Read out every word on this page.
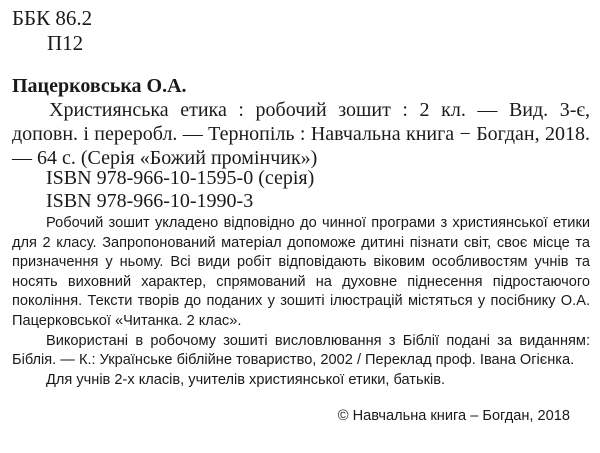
ББК 86.2
П12
Пацерковська О.А.
Християнська етика : робочий зошит : 2 кл. — Вид. 3-є, доповн. і переробл. — Тернопіль : Навчальна книга − Богдан, 2018. — 64 с. (Серія «Божий промінчик»)
ISBN 978-966-10-1595-0 (серія)
ISBN 978-966-10-1990-3

Робочий зошит укладено відповідно до чинної програми з християнської етики для 2 класу. Запропонований матеріал допоможе дитині пізнати світ, своє місце та призначення у ньому. Всі види робіт відповідають віковим особливостям учнів та носять виховний характер, спрямований на духовне піднесення підростаючого покоління. Тексти творів до поданих у зошиті ілюстрацій містяться у посібнику О.А. Пацерковської «Читанка. 2 клас».

Використані в робочому зошиті висловлювання з Біблії подані за виданням: Біблія. — К.: Українське біблійне товариство, 2002 / Переклад проф. Івана Огієнка.

Для учнів 2-х класів, учителів християнської етики, батьків.

© Навчальна книга – Богдан, 2018
